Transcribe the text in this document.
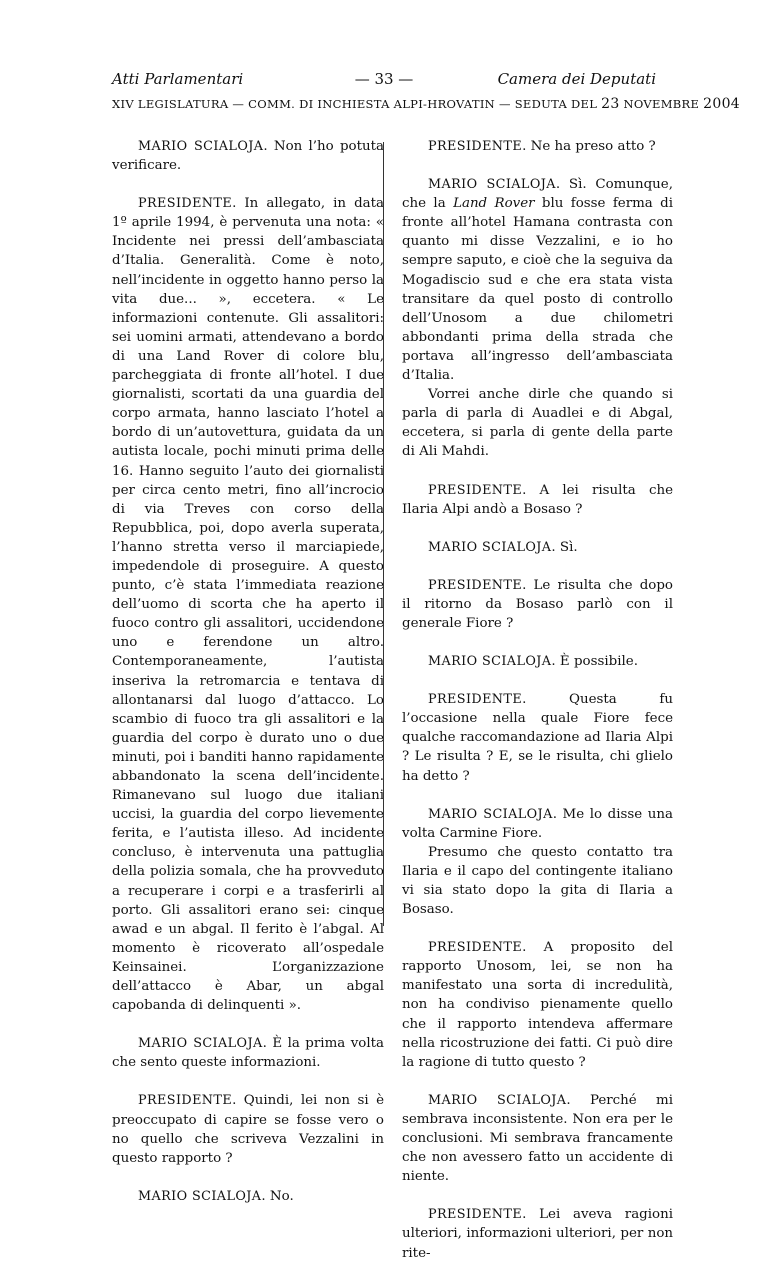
Atti Parlamentari	— 33 —	Camera dei Deputati
XIV LEGISLATURA — COMM. DI INCHIESTA ALPI-HROVATIN — SEDUTA DEL 23 NOVEMBRE 2004

MARIO SCIALOJA. Non l’ho potuta verificare.

PRESIDENTE. In allegato, in data 1º aprile 1994, è pervenuta una nota: « Incidente nei pressi dell’ambasciata d’Italia. Generalità. Come è noto, nell’incidente in oggetto hanno perso la vita due... », eccetera. « Le informazioni contenute. Gli assalitori: sei uomini armati, attendevano a bordo di una Land Rover di colore blu, parcheggiata di fronte all’hotel. I due giornalisti, scortati da una guardia del corpo armata, hanno lasciato l’hotel a bordo di un’autovettura, guidata da un autista locale, pochi minuti prima delle 16. Hanno seguito l’auto dei giornalisti per circa cento metri, fino all’incrocio di via Treves con corso della Repubblica, poi, dopo averla superata, l’hanno stretta verso il marciapiede, impedendole di proseguire. A questo punto, c’è stata l’immediata reazione dell’uomo di scorta che ha aperto il fuoco contro gli assalitori, uccidendone uno e ferendone un altro. Contemporaneamente, l’autista inseriva la retromarcia e tentava di allontanarsi dal luogo d’attacco. Lo scambio di fuoco tra gli assalitori e la guardia del corpo è durato uno o due minuti, poi i banditi hanno rapidamente abbandonato la scena dell’incidente. Rimanevano sul luogo due italiani uccisi, la guardia del corpo lievemente ferita, e l’autista illeso. Ad incidente concluso, è intervenuta una pattuglia della polizia somala, che ha provveduto a recuperare i corpi e a trasferirli al porto. Gli assalitori erano sei: cinque awad e un abgal. Il ferito è l’abgal. Al momento è ricoverato all’ospedale Keinsainei. L’organizzazione dell’attacco è Abar, un abgal capobanda di delinquenti ».

MARIO SCIALOJA. È la prima volta che sento queste informazioni.

PRESIDENTE. Quindi, lei non si è preoccupato di capire se fosse vero o no quello che scriveva Vezzalini in questo rapporto ?

MARIO SCIALOJA. No.

PRESIDENTE. Ne ha preso atto ?

MARIO SCIALOJA. Sì. Comunque, che la Land Rover blu fosse ferma di fronte all’hotel Hamana contrasta con quanto mi disse Vezzalini, e io ho sempre saputo, e cioè che la seguiva da Mogadiscio sud e che era stata vista transitare da quel posto di controllo dell’Unosom a due chilometri abbondanti prima della strada che portava all’ingresso dell’ambasciata d’Italia.

Vorrei anche dirle che quando si parla di parla di Auadlei e di Abgal, eccetera, si parla di gente della parte di Ali Mahdi.

PRESIDENTE. A lei risulta che Ilaria Alpi andò a Bosaso ?

MARIO SCIALOJA. Sì.

PRESIDENTE. Le risulta che dopo il ritorno da Bosaso parlò con il generale Fiore ?

MARIO SCIALOJA. È possibile.

PRESIDENTE. Questa fu l’occasione nella quale Fiore fece qualche raccomandazione ad Ilaria Alpi ? Le risulta ? E, se le risulta, chi glielo ha detto ?

MARIO SCIALOJA. Me lo disse una volta Carmine Fiore.

Presumo che questo contatto tra Ilaria e il capo del contingente italiano vi sia stato dopo la gita di Ilaria a Bosaso.

PRESIDENTE. A proposito del rapporto Unosom, lei, se non ha manifestato una sorta di incredulità, non ha condiviso pienamente quello che il rapporto intendeva affermare nella ricostruzione dei fatti. Ci può dire la ragione di tutto questo ?

MARIO SCIALOJA. Perché mi sembrava inconsistente. Non era per le conclusioni. Mi sembrava francamente che non avessero fatto un accidente di niente.

PRESIDENTE. Lei aveva ragioni ulteriori, informazioni ulteriori, per non rite-
